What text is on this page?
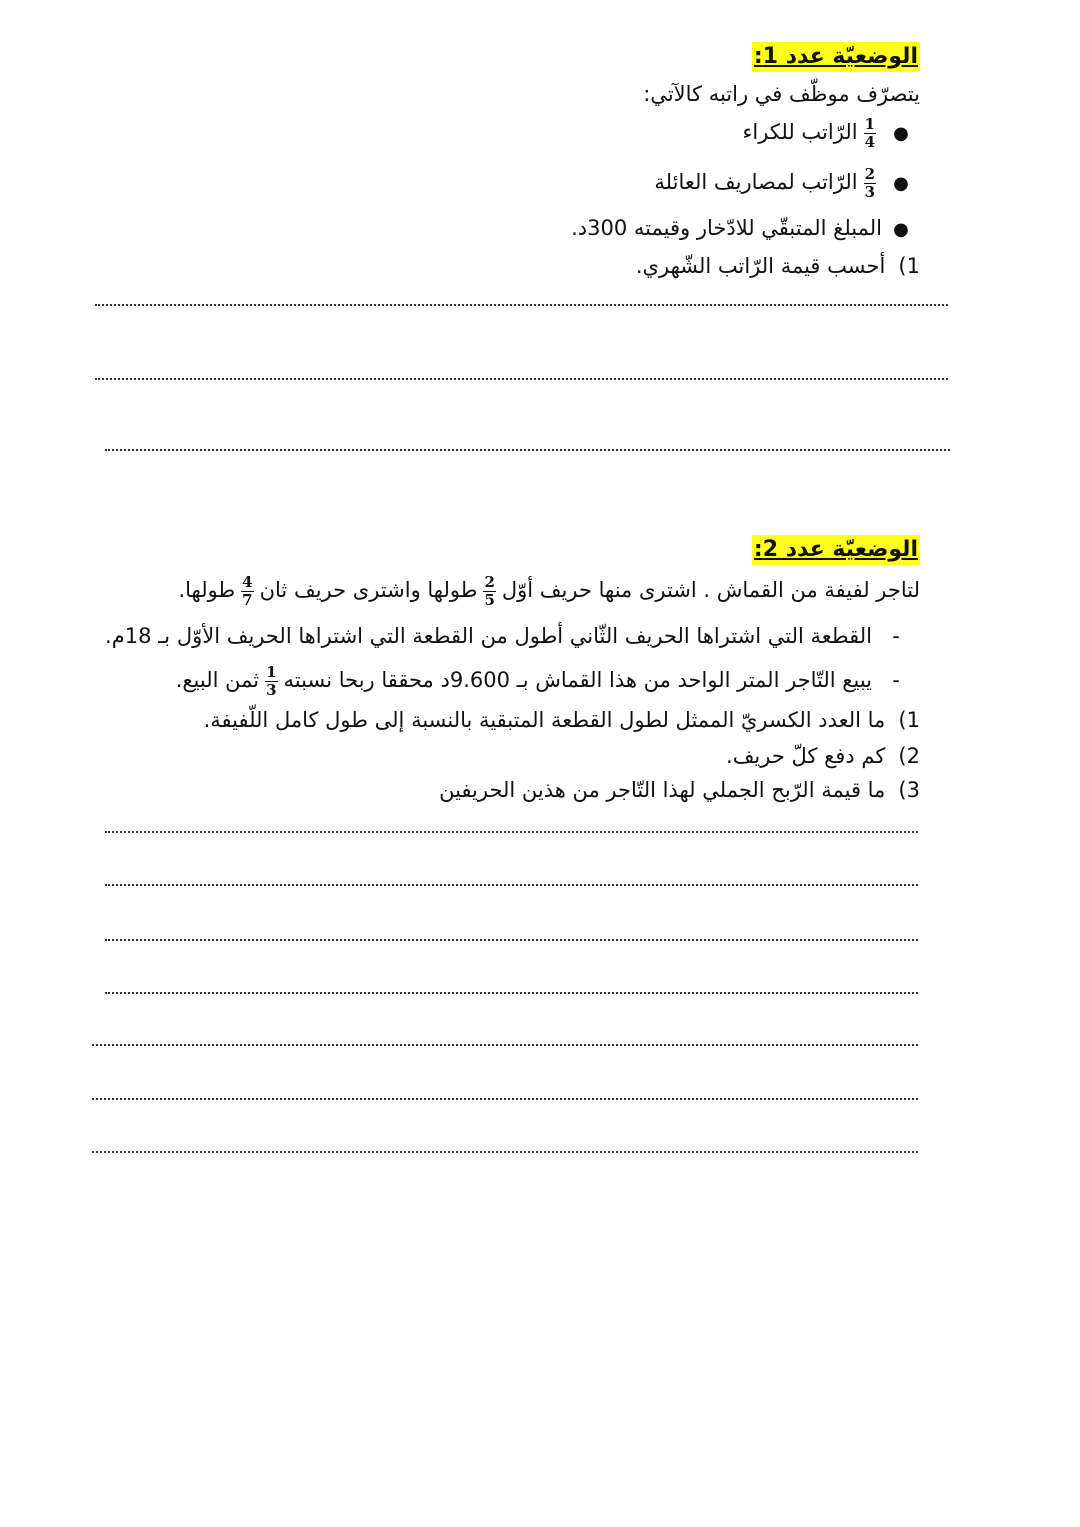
الوضعيّة عدد 1:
يتصرّف موظّف في راتبه كالآتي:
●
$\frac{1}{4}$
الرّاتب للكراء
●
$\frac{2}{3}$
الرّاتب لمصاريف العائلة
●المبلغ المتبقّي للادّخار وقيمته 300د.
1) أحسب قيمة الرّاتب الشّهري.
الوضعيّة عدد 2:
لتاجر لفيفة من القماش . اشترى منها حريف أوّل
$\frac{2}{5}$
طولها واشترى حريف ثان
$\frac{4}{7}$
طولها.
-القطعة التي اشتراها الحريف الثّاني أطول من القطعة التي اشتراها الحريف الأوّل بـ 18م.
-يبيع التّاجر المتر الواحد من هذا القماش بـ 9.600د محققا ربحا نسبته
$\frac{1}{3}$
ثمن البيع.
1) ما العدد الكسريّ الممثل لطول القطعة المتبقية بالنسبة إلى طول كامل اللّفيفة.
2) كم دفع كلّ حريف.
3) ما قيمة الرّبح الجملي لهذا التّاجر من هذين الحريفين
